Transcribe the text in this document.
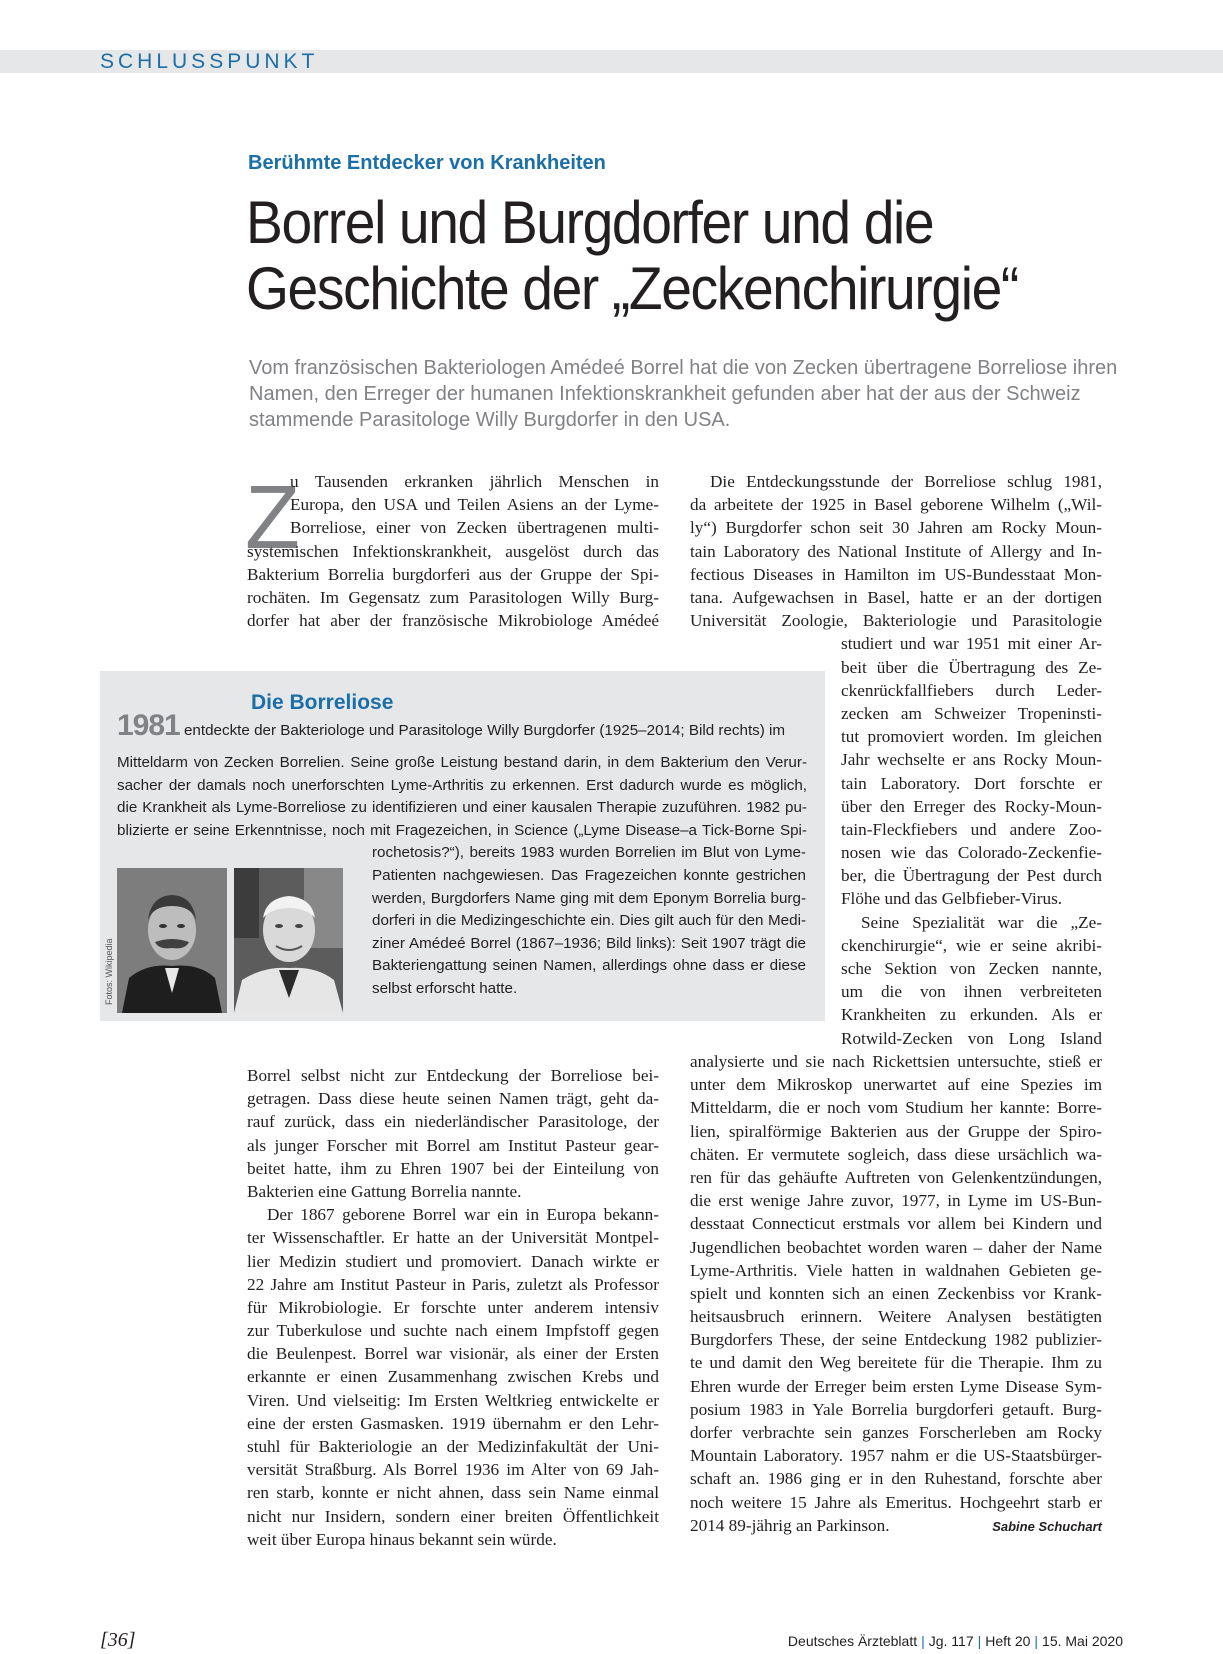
SCHLUSSPUNKT
Berühmte Entdecker von Krankheiten
Borrel und Burgdorfer und die
Geschichte der „Zeckenchirurgie“
Vom französischen Bakteriologen Amédeé Borrel hat die von Zecken übertragene Borreliose ihren
Namen, den Erreger der humanen Infektionskrankheit gefunden aber hat der aus der Schweiz
stammende Parasitologe Willy Burgdorfer in den USA.
Z
u Tausenden erkranken jährlich Menschen in
Europa, den USA und Teilen Asiens an der Lyme-
Borreliose, einer von Zecken übertragenen multi-
systemischen Infektionskrankheit, ausgelöst durch das
Bakterium Borrelia burgdorferi aus der Gruppe der Spi-
rochäten. Im Gegensatz zum Parasitologen Willy Burg-
dorfer hat aber der französische Mikrobiologe Amédeé
Die Entdeckungsstunde der Borreliose schlug 1981,
da arbeitete der 1925 in Basel geborene Wilhelm („Wil-
ly“) Burgdorfer schon seit 30 Jahren am Rocky Moun-
tain Laboratory des National Institute of Allergy and In-
fectious Diseases in Hamilton im US-Bundesstaat Mon-
tana. Aufgewachsen in Basel, hatte er an der dortigen
Universität Zoologie, Bakteriologie und Parasitologie
studiert und war 1951 mit einer Ar-
beit über die Übertragung des Ze-
ckenrückfallfiebers durch Leder-
zecken am Schweizer Tropeninsti-
tut promoviert worden. Im gleichen
Jahr wechselte er ans Rocky Moun-
tain Laboratory. Dort forschte er
über den Erreger des Rocky-Moun-
tain-Fleckfiebers und andere Zoo-
nosen wie das Colorado-Zeckenfie-
ber, die Übertragung der Pest durch
Flöhe und das Gelbfieber-Virus.
Seine Spezialität war die „Ze-
ckenchirurgie“, wie er seine akribi-
sche Sektion von Zecken nannte,
um die von ihnen verbreiteten
Krankheiten zu erkunden. Als er
Rotwild-Zecken von Long Island
Die Borreliose
1981 entdeckte der Bakteriologe und Parasitologe Willy Burgdorfer (1925–2014; Bild rechts) im
Mitteldarm von Zecken Borrelien. Seine große Leistung bestand darin, in dem Bakterium den Verur-
sacher der damals noch unerforschten Lyme-Arthritis zu erkennen. Erst dadurch wurde es möglich,
die Krankheit als Lyme-Borreliose zu identifizieren und einer kausalen Therapie zuzuführen. 1982 pu-
blizierte er seine Erkenntnisse, noch mit Fragezeichen, in Science („Lyme Disease–a Tick-Borne Spi-
rochetosis?“), bereits 1983 wurden Borrelien im Blut von Lyme-
Patienten nachgewiesen. Das Fragezeichen konnte gestrichen
werden, Burgdorfers Name ging mit dem Eponym Borrelia burg-
dorferi in die Medizingeschichte ein. Dies gilt auch für den Medi-
ziner Amédeé Borrel (1867–1936; Bild links): Seit 1907 trägt die
Bakteriengattung seinen Namen, allerdings ohne dass er diese
selbst erforscht hatte.
Fotos: Wikipedia
Borrel selbst nicht zur Entdeckung der Borreliose bei-
getragen. Dass diese heute seinen Namen trägt, geht da-
rauf zurück, dass ein niederländischer Parasitologe, der
als junger Forscher mit Borrel am Institut Pasteur gear-
beitet hatte, ihm zu Ehren 1907 bei der Einteilung von
Bakterien eine Gattung Borrelia nannte.
Der 1867 geborene Borrel war ein in Europa bekann-
ter Wissenschaftler. Er hatte an der Universität Montpel-
lier Medizin studiert und promoviert. Danach wirkte er
22 Jahre am Institut Pasteur in Paris, zuletzt als Professor
für Mikrobiologie. Er forschte unter anderem intensiv
zur Tuberkulose und suchte nach einem Impfstoff gegen
die Beulenpest. Borrel war visionär, als einer der Ersten
erkannte er einen Zusammenhang zwischen Krebs und
Viren. Und vielseitig: Im Ersten Weltkrieg entwickelte er
eine der ersten Gasmasken. 1919 übernahm er den Lehr-
stuhl für Bakteriologie an der Medizinfakultät der Uni-
versität Straßburg. Als Borrel 1936 im Alter von 69 Jah-
ren starb, konnte er nicht ahnen, dass sein Name einmal
nicht nur Insidern, sondern einer breiten Öffentlichkeit
weit über Europa hinaus bekannt sein würde.
analysierte und sie nach Rickettsien untersuchte, stieß er
unter dem Mikroskop unerwartet auf eine Spezies im
Mitteldarm, die er noch vom Studium her kannte: Borre-
lien, spiralförmige Bakterien aus der Gruppe der Spiro-
chäten. Er vermutete sogleich, dass diese ursächlich wa-
ren für das gehäufte Auftreten von Gelenkentzündungen,
die erst wenige Jahre zuvor, 1977, in Lyme im US-Bun-
desstaat Connecticut erstmals vor allem bei Kindern und
Jugendlichen beobachtet worden waren – daher der Name
Lyme-Arthritis. Viele hatten in waldnahen Gebieten ge-
spielt und konnten sich an einen Zeckenbiss vor Krank-
heitsausbruch erinnern. Weitere Analysen bestätigten
Burgdorfers These, der seine Entdeckung 1982 publizier-
te und damit den Weg bereitete für die Therapie. Ihm zu
Ehren wurde der Erreger beim ersten Lyme Disease Sym-
posium 1983 in Yale Borrelia burgdorferi getauft. Burg-
dorfer verbrachte sein ganzes Forscherleben am Rocky
Mountain Laboratory. 1957 nahm er die US-Staatsbürger-
schaft an. 1986 ging er in den Ruhestand, forschte aber
noch weitere 15 Jahre als Emeritus. Hochgeehrt starb er
2014 89-jährig an Parkinson.	Sabine Schuchart
[36]	Deutsches Ärzteblatt | Jg. 117 | Heft 20 | 15. Mai 2020
